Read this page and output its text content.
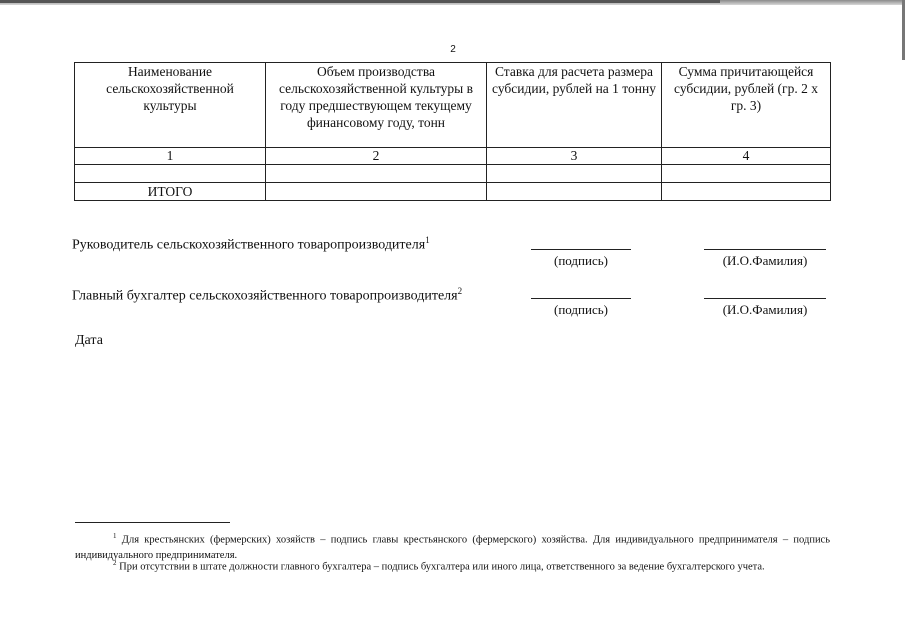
2
Наименование сельскохозяйственной культуры	Объем производства сельскохозяйственной культуры в году предшествующем текущему финансовому году, тонн	Ставка для расчета размера субсидии, рублей на 1 тонну	Сумма причитающейся субсидии, рублей (гр. 2 x гр. 3)
1	2	3	4

ИТОГО			
Руководитель сельскохозяйственного товаропроизводителя$^1$
(подпись)	(И.О.Фамилия)
Главный бухгалтер сельскохозяйственного товаропроизводителя$^2$
(подпись)	(И.О.Фамилия)
Дата
$^1$ Для крестьянских (фермерских) хозяйств – подпись главы крестьянского (фермерского) хозяйства. Для индивидуального предпринимателя – подпись индивидуального предпринимателя.
$^2$ При отсутствии в штате должности главного бухгалтера – подпись бухгалтера или иного лица, ответственного за ведение бухгалтерского учета.
